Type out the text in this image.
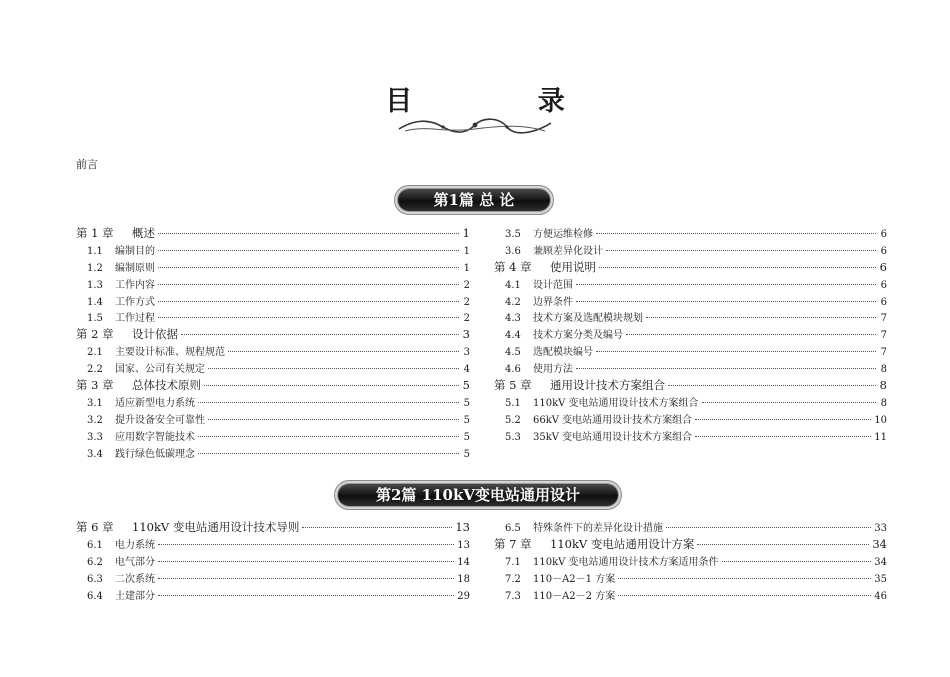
目 录
前言
第1篇 总 论
第 1 章	概述	1
1.1	编制目的	1
1.2	编制原则	1
1.3	工作内容	2
1.4	工作方式	2
1.5	工作过程	2
第 2 章	设计依据	3
2.1	主要设计标准、规程规范	3
2.2	国家、公司有关规定	4
第 3 章	总体技术原则	5
3.1	适应新型电力系统	5
3.2	提升设备安全可靠性	5
3.3	应用数字智能技术	5
3.4	践行绿色低碳理念	5
3.5	方便运维检修	6
3.6	兼顾差异化设计	6
第 4 章	使用说明	6
4.1	设计范围	6
4.2	边界条件	6
4.3	技术方案及选配模块规划	7
4.4	技术方案分类及编号	7
4.5	选配模块编号	7
4.6	使用方法	8
第 5 章	通用设计技术方案组合	8
5.1	110kV 变电站通用设计技术方案组合	8
5.2	66kV 变电站通用设计技术方案组合	10
5.3	35kV 变电站通用设计技术方案组合	11
第2篇 110kV变电站通用设计
第 6 章	110kV 变电站通用设计技术导则	13
6.1	电力系统	13
6.2	电气部分	14
6.3	二次系统	18
6.4	土建部分	29
6.5	特殊条件下的差异化设计措施	33
第 7 章	110kV 变电站通用设计方案	34
7.1	110kV 变电站通用设计技术方案适用条件	34
7.2	110－A2－1 方案	35
7.3	110－A2－2 方案	46
